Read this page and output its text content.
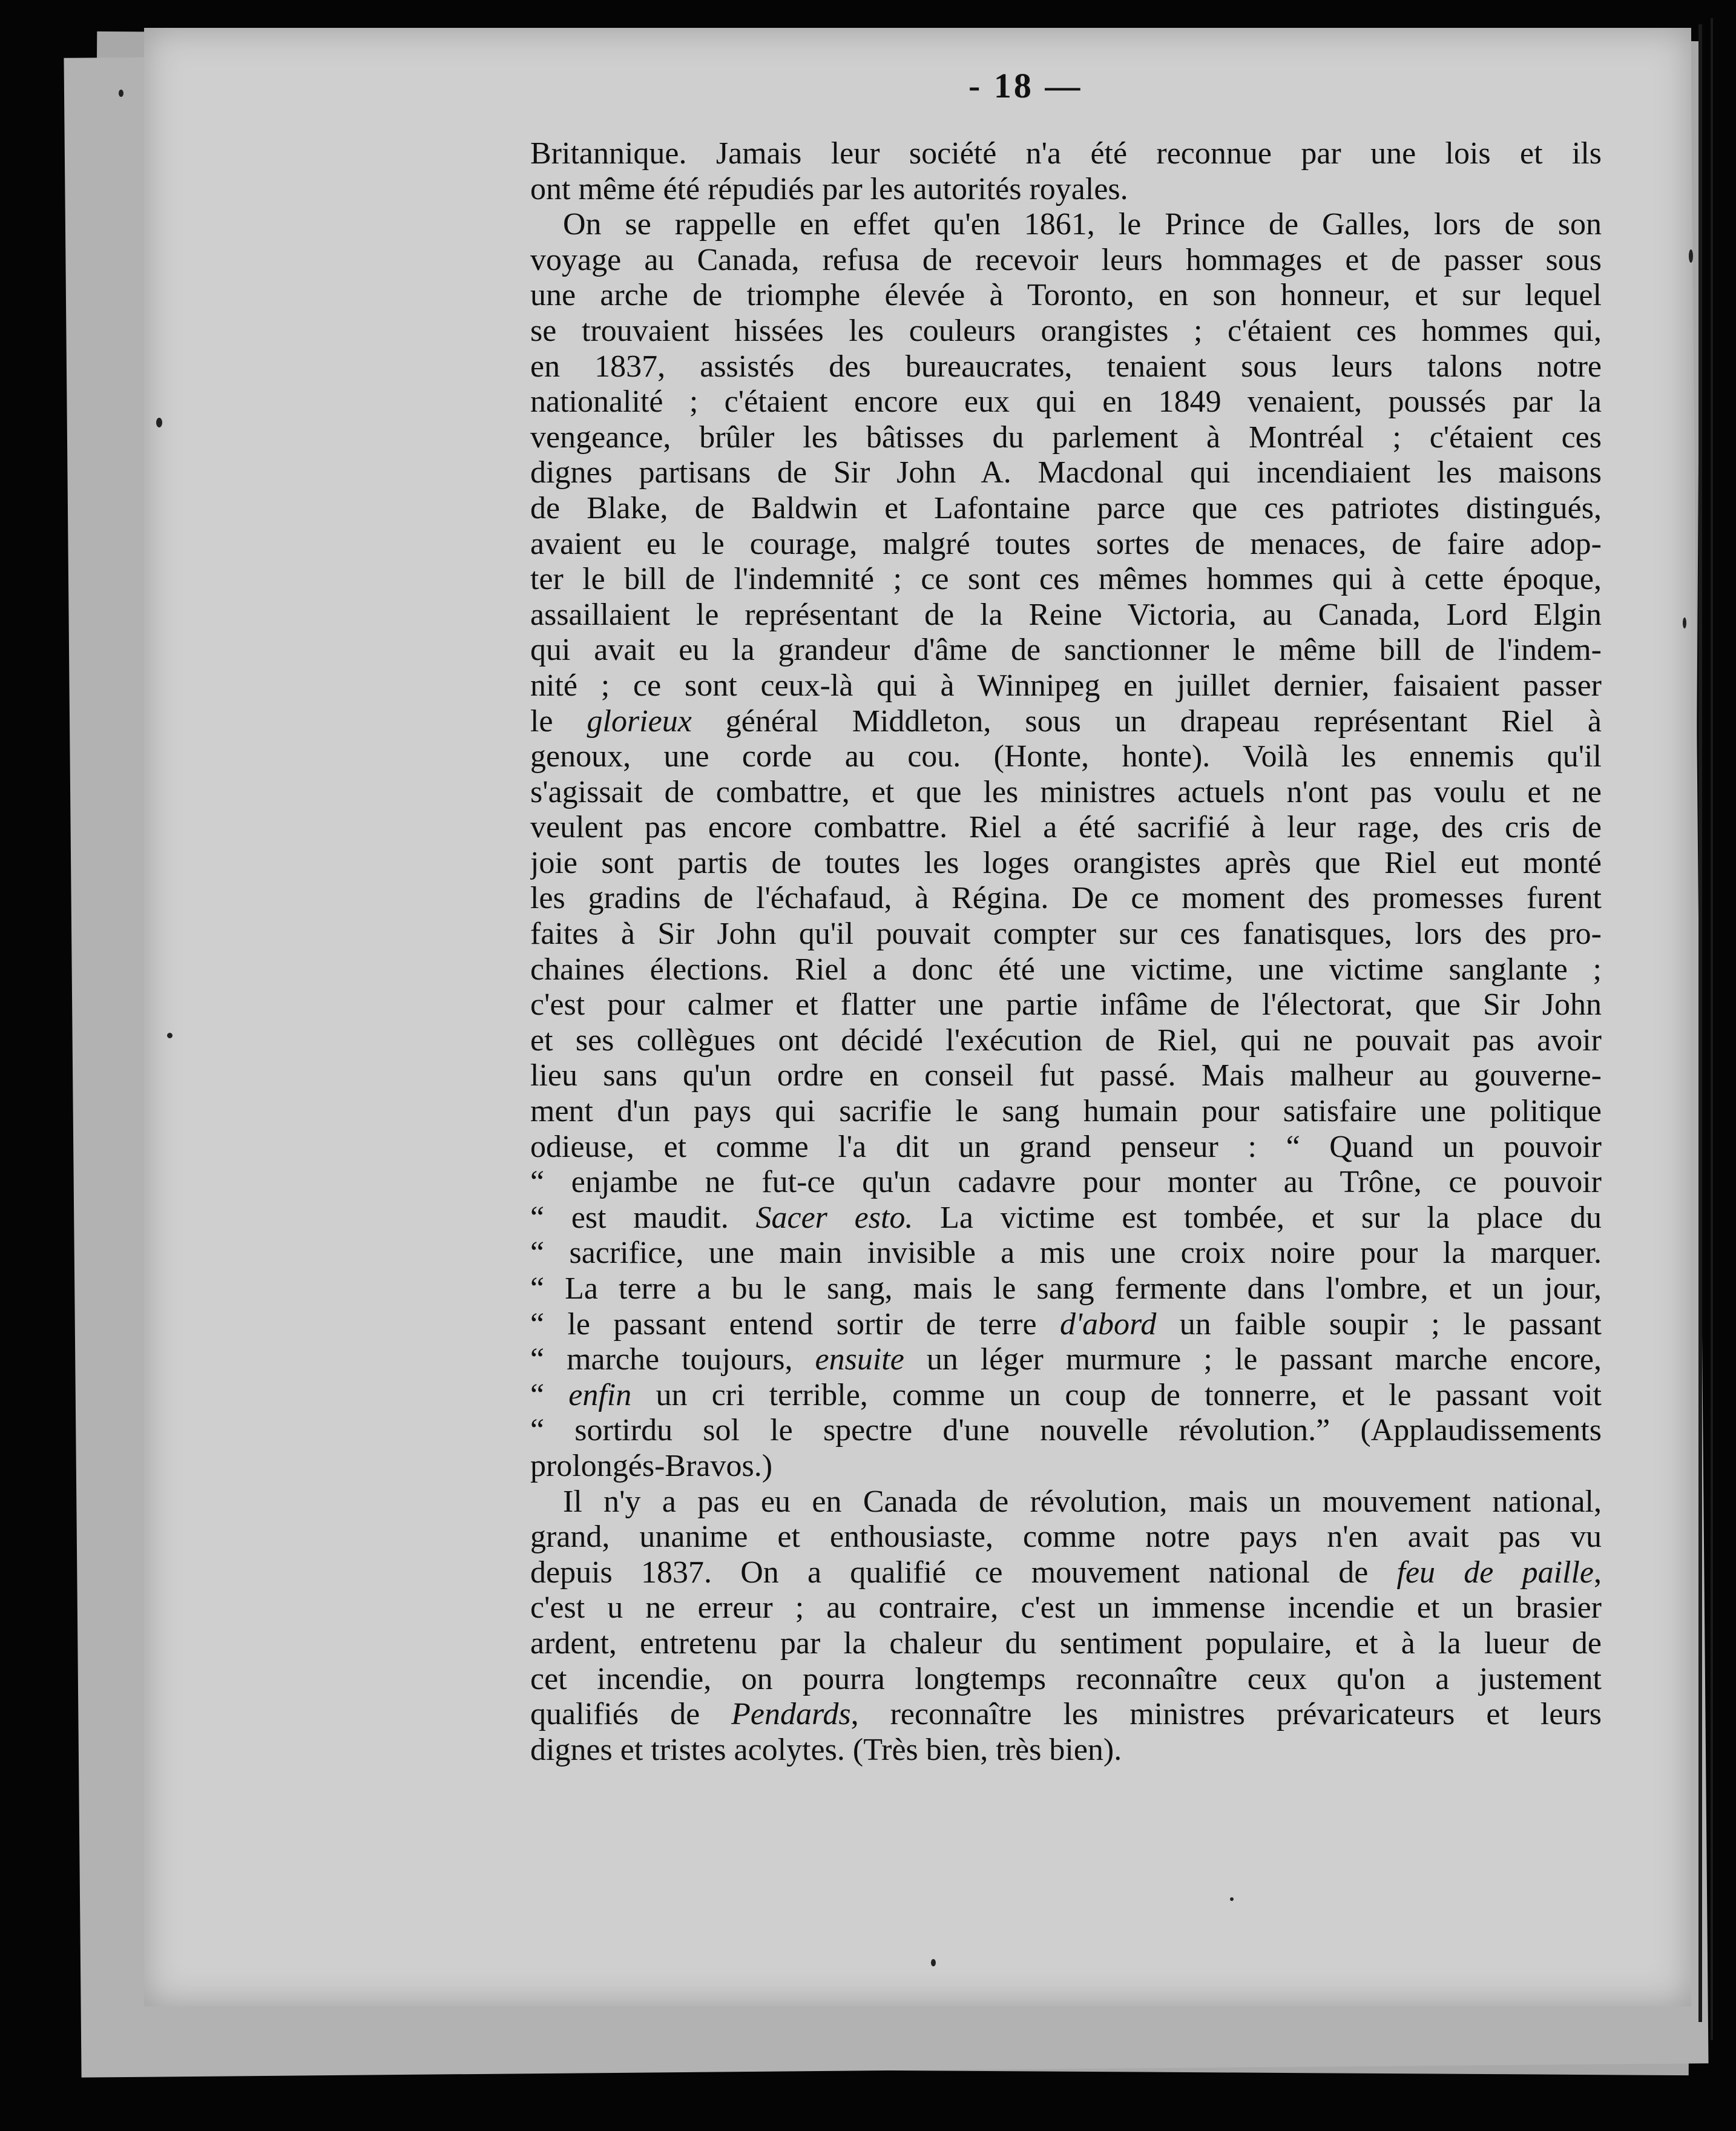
- 18 —
Britannique. Jamais leur société n'a été reconnue par une lois et ils
ont même été répudiés par les autorités royales.
On se rappelle en effet qu'en 1861, le Prince de Galles, lors de son
voyage au Canada, refusa de recevoir leurs hommages et de passer sous
une arche de triomphe élevée à Toronto, en son honneur, et sur lequel
se trouvaient hissées les couleurs orangistes ; c'étaient ces hommes qui,
en 1837, assistés des bureaucrates, tenaient sous leurs talons notre
nationalité ; c'étaient encore eux qui en 1849 venaient, poussés par la
vengeance, brûler les bâtisses du parlement à Montréal ; c'étaient ces
dignes partisans de Sir John A. Macdonal qui incendiaient les maisons
de Blake, de Baldwin et Lafontaine parce que ces patriotes distingués,
avaient eu le courage, malgré toutes sortes de menaces, de faire adop-
ter le bill de l'indemnité ; ce sont ces mêmes hommes qui à cette époque,
assaillaient le représentant de la Reine Victoria, au Canada, Lord Elgin
qui avait eu la grandeur d'âme de sanctionner le même bill de l'indem-
nité ; ce sont ceux-là qui à Winnipeg en juillet dernier, faisaient passer
le glorieux général Middleton, sous un drapeau représentant Riel à
genoux, une corde au cou. (Honte, honte). Voilà les ennemis qu'il
s'agissait de combattre, et que les ministres actuels n'ont pas voulu et ne
veulent pas encore combattre. Riel a été sacrifié à leur rage, des cris de
joie sont partis de toutes les loges orangistes après que Riel eut monté
les gradins de l'échafaud, à Régina. De ce moment des promesses furent
faites à Sir John qu'il pouvait compter sur ces fanatisques, lors des pro-
chaines élections. Riel a donc été une victime, une victime sanglante ;
c'est pour calmer et flatter une partie infâme de l'électorat, que Sir John
et ses collègues ont décidé l'exécution de Riel, qui ne pouvait pas avoir
lieu sans qu'un ordre en conseil fut passé. Mais malheur au gouverne-
ment d'un pays qui sacrifie le sang humain pour satisfaire une politique
odieuse, et comme l'a dit un grand penseur : “ Quand un pouvoir
“ enjambe ne fut-ce qu'un cadavre pour monter au Trône, ce pouvoir
“ est maudit. Sacer esto. La victime est tombée, et sur la place du
“ sacrifice, une main invisible a mis une croix noire pour la marquer.
“ La terre a bu le sang, mais le sang fermente dans l'ombre, et un jour,
“ le passant entend sortir de terre d'abord un faible soupir ; le passant
“ marche toujours, ensuite un léger murmure ; le passant marche encore,
“ enfin un cri terrible, comme un coup de tonnerre, et le passant voit
“ sortirdu sol le spectre d'une nouvelle révolution.” (Applaudissements
prolongés-Bravos.)
Il n'y a pas eu en Canada de révolution, mais un mouvement national,
grand, unanime et enthousiaste, comme notre pays n'en avait pas vu
depuis 1837. On a qualifié ce mouvement national de feu de paille,
c'est u ne erreur ; au contraire, c'est un immense incendie et un brasier
ardent, entretenu par la chaleur du sentiment populaire, et à la lueur de
cet incendie, on pourra longtemps reconnaître ceux qu'on a justement
qualifiés de Pendards, reconnaître les ministres prévaricateurs et leurs
dignes et tristes acolytes. (Très bien, très bien).
